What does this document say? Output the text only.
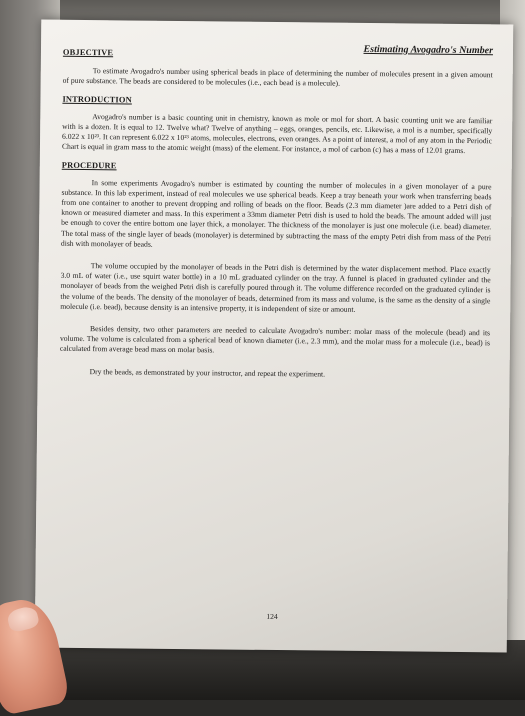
OBJECTIVE	Estimating Avogadro's Number

To estimate Avogadro's number using spherical beads in place of determining the number of molecules present in a given amount of pure substance. The beads are considered to be molecules (i.e., each bead is a molecule).

INTRODUCTION

Avogadro's number is a basic counting unit in chemistry, known as mole or mol for short. A basic counting unit we are familiar with is a dozen. It is equal to 12. Twelve what? Twelve of anything – eggs, oranges, pencils, etc. Likewise, a mol is a number, specifically 6.022 x 10²³. It can represent 6.022 x 10²³ atoms, molecules, electrons, even oranges. As a point of interest, a mol of any atom in the Periodic Chart is equal in gram mass to the atomic weight (mass) of the element. For instance, a mol of carbon (c) has a mass of 12.01 grams.

PROCEDURE

In some experiments Avogadro's number is estimated by counting the number of molecules in a given monolayer of a pure substance. In this lab experiment, instead of real molecules we use spherical beads. Keep a tray beneath your work when transferring beads from one container to another to prevent dropping and rolling of beads on the floor. Beads (2.3 mm diameter )are added to a Petri dish of known or measured diameter and mass. In this experiment a 33mm diameter Petri dish is used to hold the beads. The amount added will just be enough to cover the entire bottom one layer thick, a monolayer. The thickness of the monolayer is just one molecule (i.e. bead) diameter. The total mass of the single layer of beads (monolayer) is determined by subtracting the mass of the empty Petri dish from mass of the Petri dish with monolayer of beads.

The volume occupied by the monolayer of beads in the Petri dish is determined by the water displacement method. Place exactly 3.0 mL of water (i.e., use squirt water bottle) in a 10 mL graduated cylinder on the tray. A funnel is placed in graduated cylinder and the monolayer of beads from the weighed Petri dish is carefully poured through it. The volume difference recorded on the graduated cylinder is the volume of the beads. The density of the monolayer of beads, determined from its mass and volume, is the same as the density of a single molecule (i.e. bead), because density is an intensive property, it is independent of size or amount.

Besides density, two other parameters are needed to calculate Avogadro's number: molar mass of the molecule (bead) and its volume. The volume is calculated from a spherical bead of known diameter (i.e., 2.3 mm), and the molar mass for a molecule (i.e., bead) is calculated from average bead mass on molar basis.

Dry the beads, as demonstrated by your instructor, and repeat the experiment.

124
